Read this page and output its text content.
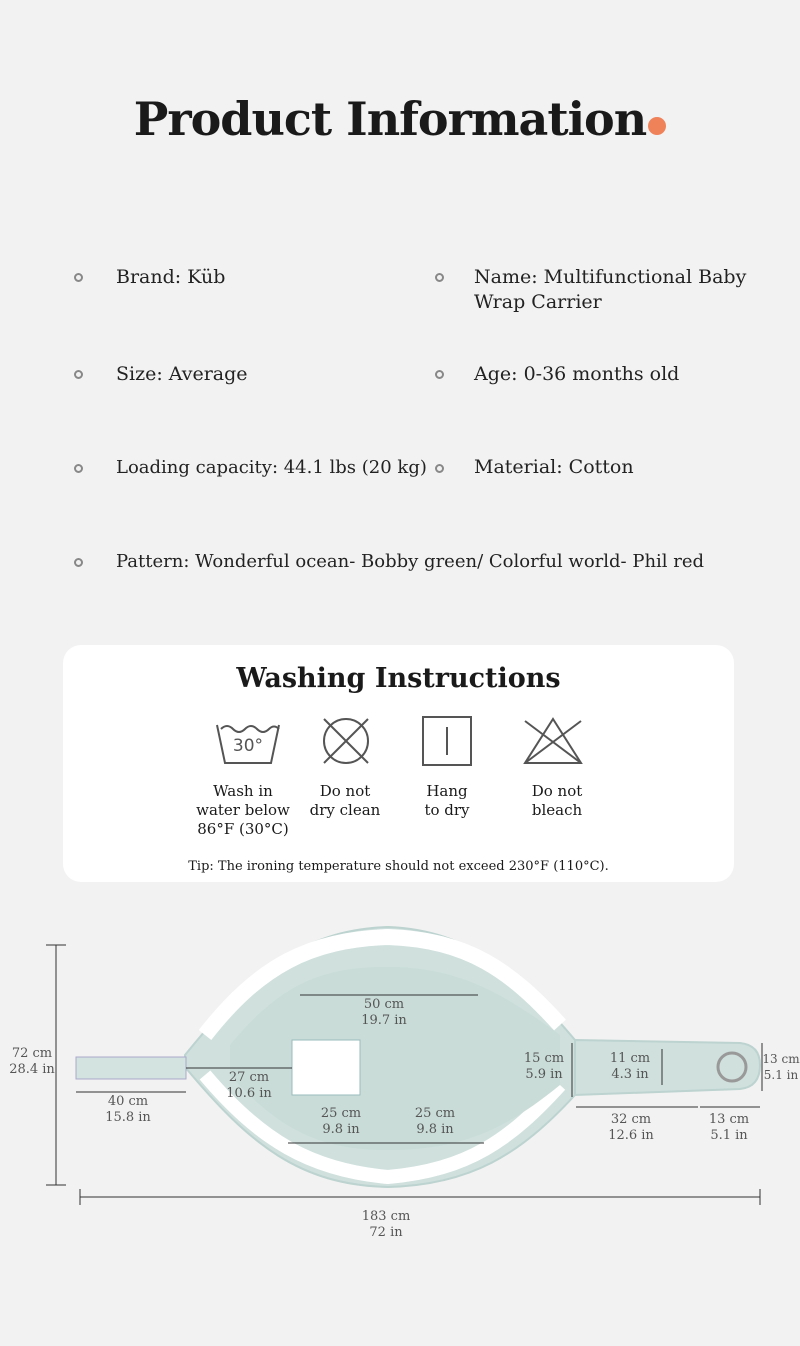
Product Information
Brand: Küb	Name: Multifunctional Baby
Wrap Carrier
Size: Average	Age: 0-36 months old
Loading capacity: 44.1 lbs (20 kg) Material: Cotton
Pattern: Wonderful ocean- Bobby green/ Colorful world- Phil red
Washing Instructions
30°
Wash in
water below
86°F (30°C)
Do not
dry clean
Hang
to dry
Do not
bleach
Tip: The ironing temperature should not exceed 230°F (110°C).
72 cm
28.4 in
50 cm
19.7 in
40 cm
15.8 in
27 cm
10.6 in
25 cm
9.8 in
25 cm
9.8 in
15 cm
5.9 in
11 cm
4.3 in
13 cm
5.1 in
32 cm
12.6 in
13 cm
5.1 in
183 cm
72 in
